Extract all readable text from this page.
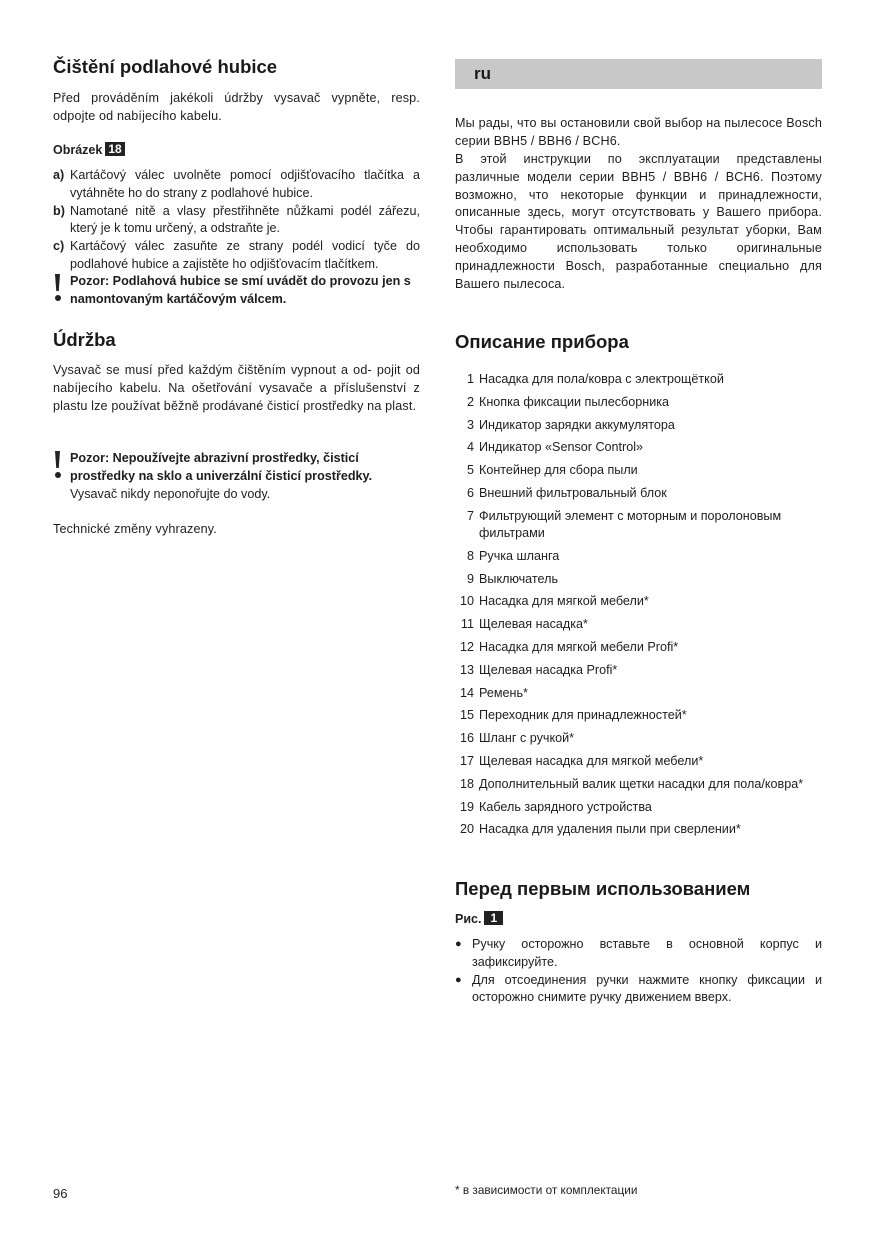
Čištění podlahové hubice

Před prováděním jakékoli údržby vysavač vypněte, resp. odpojte od nabíjecího kabelu.

Obrázek 18
a) Kartáčový válec uvolněte pomocí odjišťovacího tlačítka a vytáhněte ho do strany z podlahové hubice.
b) Namotané nitě a vlasy přestřihněte nůžkami podél zářezu, který je k tomu určený, a odstraňte je.
c) Kartáčový válec zasuňte ze strany podél vodicí tyče do podlahové hubice a zajistěte ho odjišťovacím tlačítkem.
Pozor: Podlahová hubice se smí uvádět do provozu jen s namontovaným kartáčovým válcem.
Údržba

Vysavač se musí před každým čištěním vypnout a od- pojit od nabíjecího kabelu. Na ošetřování vysavače a příslušenství z plastu lze používat běžně prodávané čisticí prostředky na plast.

Pozor: Nepoužívejte abrazivní prostředky, čisticí prostředky na sklo a univerzální čisticí prostředky.
Vysavač nikdy neponořujte do vody.

Technické změny vyhrazeny.

ru

Мы рады, что вы остановили свой выбор на пылесосе Bosch серии BBH5 / BBH6 / BCH6.

В этой инструкции по эксплуатации представлены различные модели серии BBH5 / BBH6 / BCH6. Поэтому возможно, что некоторые функции и принадлежности, описанные здесь, могут отсутствовать у Вашего прибора. Чтобы гарантировать оптимальный результат уборки, Вам необходимо использовать только оригинальные принадлежности Bosch, разработанные специально для Вашего пылесоса.

Описание прибора
1 Насадка для пола/ковра с электрощёткой
2 Кнопка фиксации пылесборника
3 Индикатор зарядки аккумулятора
4 Индикатор «Sensor Control»
5 Контейнер для сбора пыли
6 Внешний фильтровальный блок
7 Фильтрующий элемент с моторным и поролоновым фильтрами
8 Ручка шланга
9 Выключатель
10 Насадка для мягкой мебели*
11 Щелевая насадка*
12 Насадка для мягкой мебели Profi*
13 Щелевая насадка Profi*
14 Ремень*
15 Переходник для принадлежностей*
16 Шланг с ручкой*
17 Щелевая насадка для мягкой мебели*
18 Дополнительный валик щетки насадки для пола/ковра*
19 Кабель зарядного устройства
20 Насадка для удаления пыли при сверлении*
Перед первым использованием
Рис. 1
● Ручку осторожно вставьте в основной корпус и зафиксируйте.
● Для отсоединения ручки нажмите кнопку фиксации и осторожно снимите ручку движением вверх.
96	* в зависимости от комплектации
